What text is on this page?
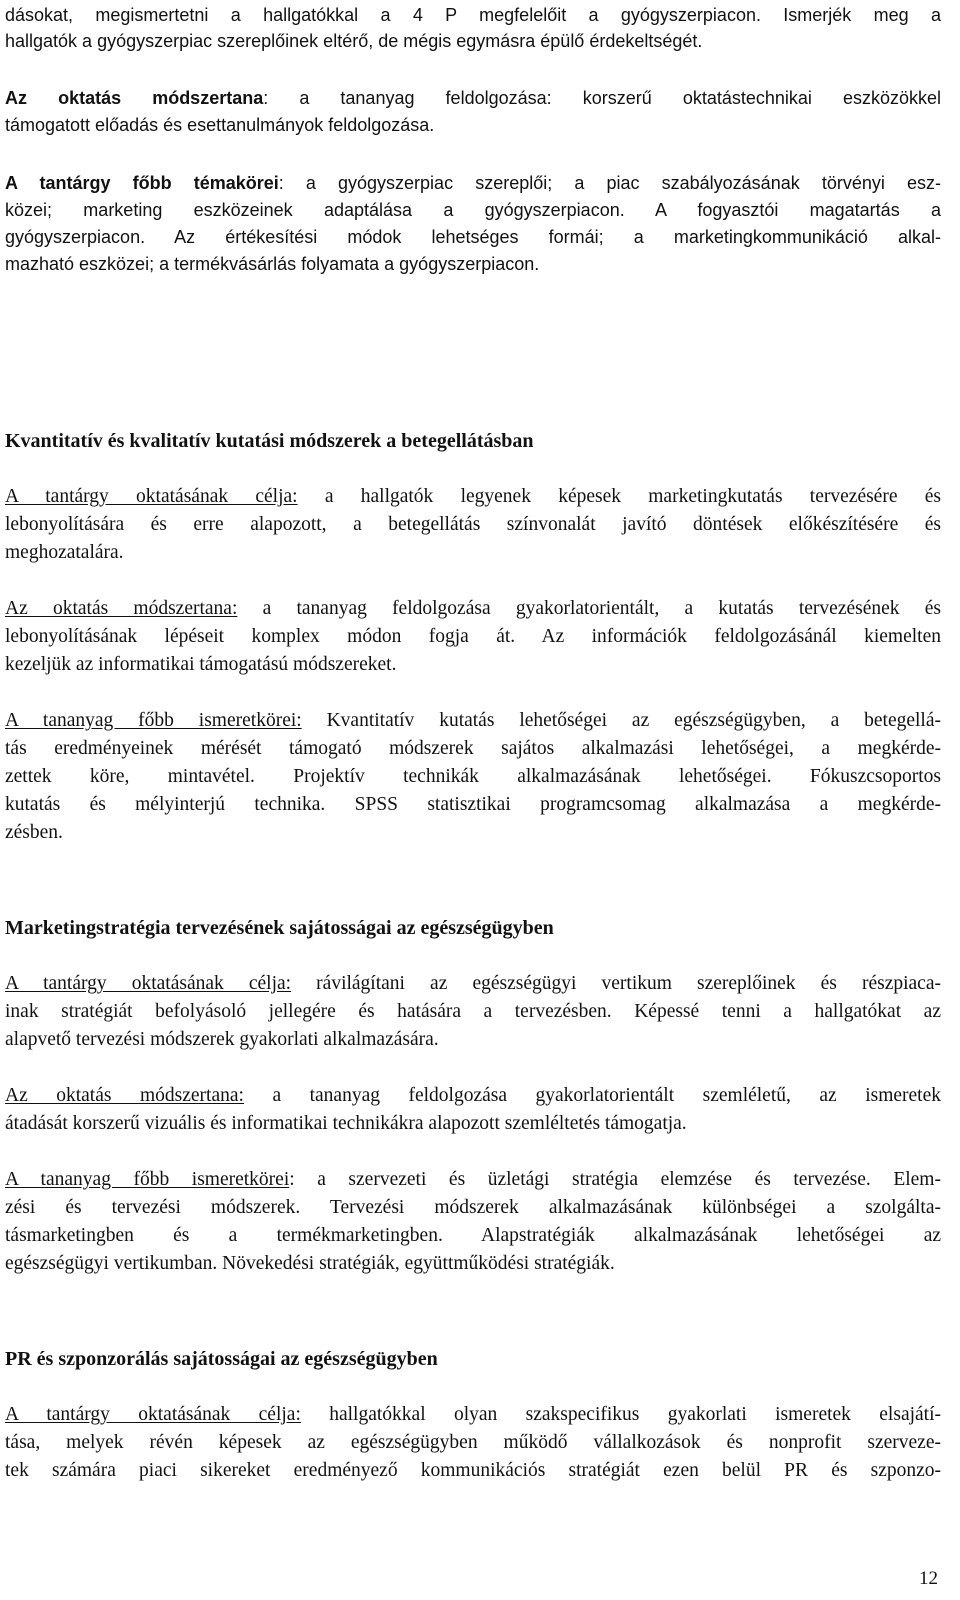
dásokat, megismertetni a hallgatókkal a 4 P megfelelőit a gyógyszerpiacon. Ismerjék meg a
hallgatók a gyógyszerpiac szereplőinek eltérő, de mégis egymásra épülő érdekeltségét.
Az oktatás módszertana: a tananyag feldolgozása: korszerű oktatástechnikai eszközökkel
támogatott előadás és esettanulmányok feldolgozása.
A tantárgy főbb témakörei: a gyógyszerpiac szereplői; a piac szabályozásának törvényi esz-
közei; marketing eszközeinek adaptálása a gyógyszerpiacon. A fogyasztói magatartás a
gyógyszerpiacon. Az értékesítési módok lehetséges formái; a marketingkommunikáció alkal-
mazható eszközei; a termékvásárlás folyamata a gyógyszerpiacon.
Kvantitatív és kvalitatív kutatási módszerek a betegellátásban
A tantárgy oktatásának célja: a hallgatók legyenek képesek marketingkutatás tervezésére és
lebonyolítására és erre alapozott, a betegellátás színvonalát javító döntések előkészítésére és
meghozatalára.
Az oktatás módszertana: a tananyag feldolgozása gyakorlatorientált, a kutatás tervezésének és
lebonyolításának lépéseit komplex módon fogja át. Az információk feldolgozásánál kiemelten
kezeljük az informatikai támogatású módszereket.
A tananyag főbb ismeretkörei: Kvantitatív kutatás lehetőségei az egészségügyben, a betegellá-
tás eredményeinek mérését támogató módszerek sajátos alkalmazási lehetőségei, a megkérde-
zettek köre, mintavétel. Projektív technikák alkalmazásának lehetőségei. Fókuszcsoportos
kutatás és mélyinterjú technika. SPSS statisztikai programcsomag alkalmazása a megkérde-
zésben.
Marketingstratégia tervezésének sajátosságai az egészségügyben
A tantárgy oktatásának célja: rávilágítani az egészségügyi vertikum szereplőinek és részpiaca-
inak stratégiát befolyásoló jellegére és hatására a tervezésben. Képessé tenni a hallgatókat az
alapvető tervezési módszerek gyakorlati alkalmazására.
Az oktatás módszertana: a tananyag feldolgozása gyakorlatorientált szemléletű, az ismeretek
átadását korszerű vizuális és informatikai technikákra alapozott szemléltetés támogatja.
A tananyag főbb ismeretkörei: a szervezeti és üzletági stratégia elemzése és tervezése. Elem-
zési és tervezési módszerek. Tervezési módszerek alkalmazásának különbségei a szolgálta-
tásmarketingben és a termékmarketingben. Alapstratégiák alkalmazásának lehetőségei az
egészségügyi vertikumban. Növekedési stratégiák, együttműködési stratégiák.
PR és szponzorálás sajátosságai az egészségügyben
A tantárgy oktatásának célja: hallgatókkal olyan szakspecifikus gyakorlati ismeretek elsajátí-
tása, melyek révén képesek az egészségügyben működő vállalkozások és nonprofit szerveze-
tek számára piaci sikereket eredményező kommunikációs stratégiát ezen belül PR és szponzo-
12
